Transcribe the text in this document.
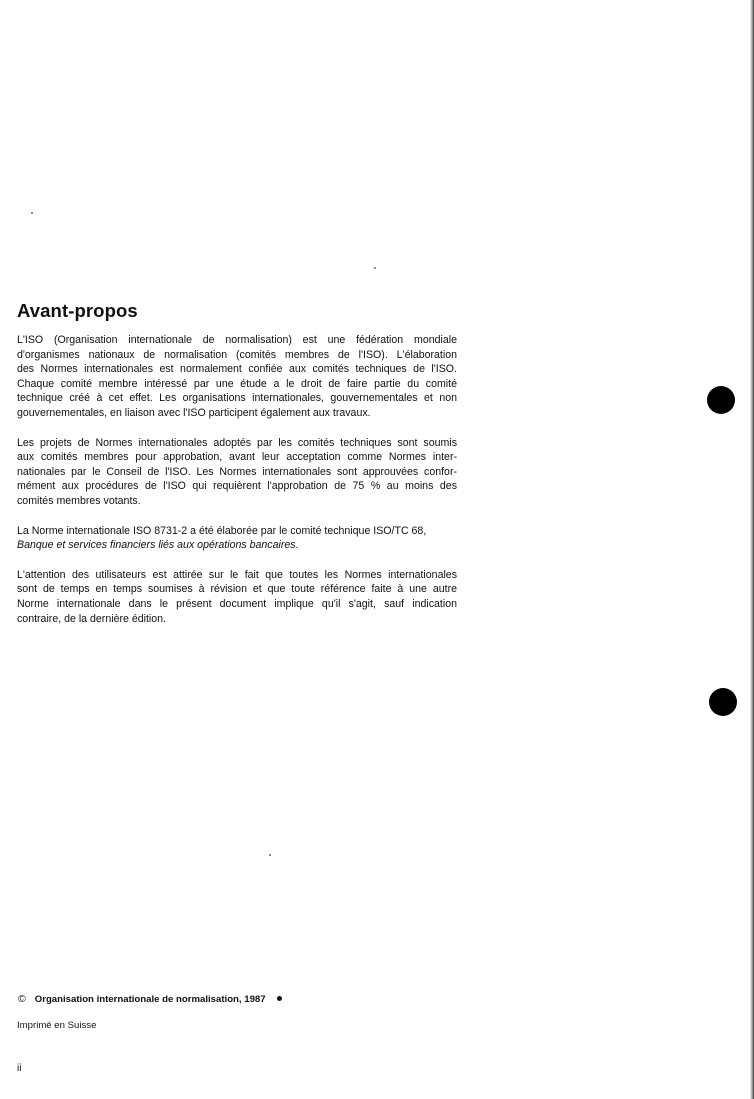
Avant-propos

L'ISO (Organisation internationale de normalisation) est une fédération mondiale
d'organismes nationaux de normalisation (comités membres de l'ISO). L'élaboration
des Normes internationales est normalement confiée aux comités techniques de l'ISO.
Chaque comité membre intéressé par une étude a le droit de faire partie du comité
technique créé à cet effet. Les organisations internationales, gouvernementales et non
gouvernementales, en liaison avec l'ISO participent également aux travaux.

Les projets de Normes internationales adoptés par les comités techniques sont soumis
aux comités membres pour approbation, avant leur acceptation comme Normes inter-
nationales par le Conseil de l'ISO. Les Normes internationales sont approuvées confor-
mément aux procédures de l'ISO qui requièrent l'approbation de 75 % au moins des
comités membres votants.

La Norme internationale ISO 8731-2 a été élaborée par le comité technique ISO/TC 68,
Banque et services financiers liés aux opérations bancaires.

L'attention des utilisateurs est attirée sur le fait que toutes les Normes internationales
sont de temps en temps soumises à révision et que toute référence faite à une autre
Norme internationale dans le présent document implique qu'il s'agit, sauf indication
contraire, de la dernière édition.

© Organisation internationale de normalisation, 1987
Imprimé en Suisse
ii
